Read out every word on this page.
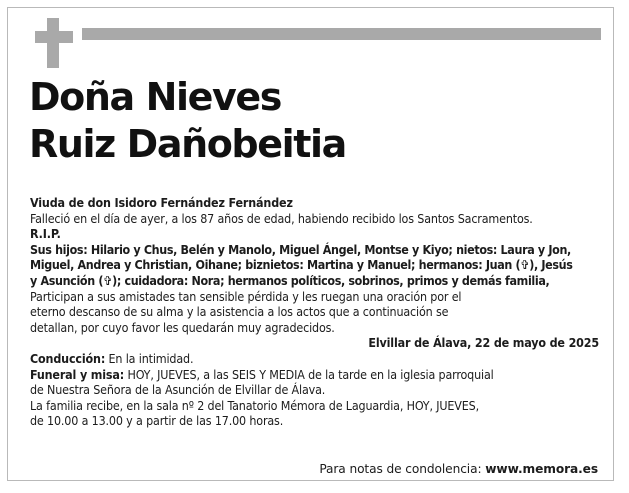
Doña Nieves
Ruiz Dañobeitia

Viuda de don Isidoro Fernández Fernández

Falleció en el día de ayer, a los 87 años de edad, habiendo recibido los Santos Sacramentos.

R.I.P.

Sus hijos: Hilario y Chus, Belén y Manolo, Miguel Ángel, Montse y Kiyo; nietos: Laura y Jon,

Miguel, Andrea y Christian, Oihane; biznietos: Martina y Manuel; hermanos: Juan (✞), Jesús

y Asunción (✞); cuidadora: Nora; hermanos políticos, sobrinos, primos y demás familia,

Participan a sus amistades tan sensible pérdida y les ruegan una oración por el

eterno descanso de su alma y la asistencia a los actos que a continuación se

detallan, por cuyo favor les quedarán muy agradecidos.

Elvillar de Álava, 22 de mayo de 2025

Conducción: En la intimidad.

Funeral y misa: HOY, JUEVES, a las SEIS Y MEDIA de la tarde en la iglesia parroquial

de Nuestra Señora de la Asunción de Elvillar de Álava.

La familia recibe, en la sala nº 2 del Tanatorio Mémora de Laguardia, HOY, JUEVES,

de 10.00 a 13.00 y a partir de las 17.00 horas.

Para notas de condolencia: www.memora.es
